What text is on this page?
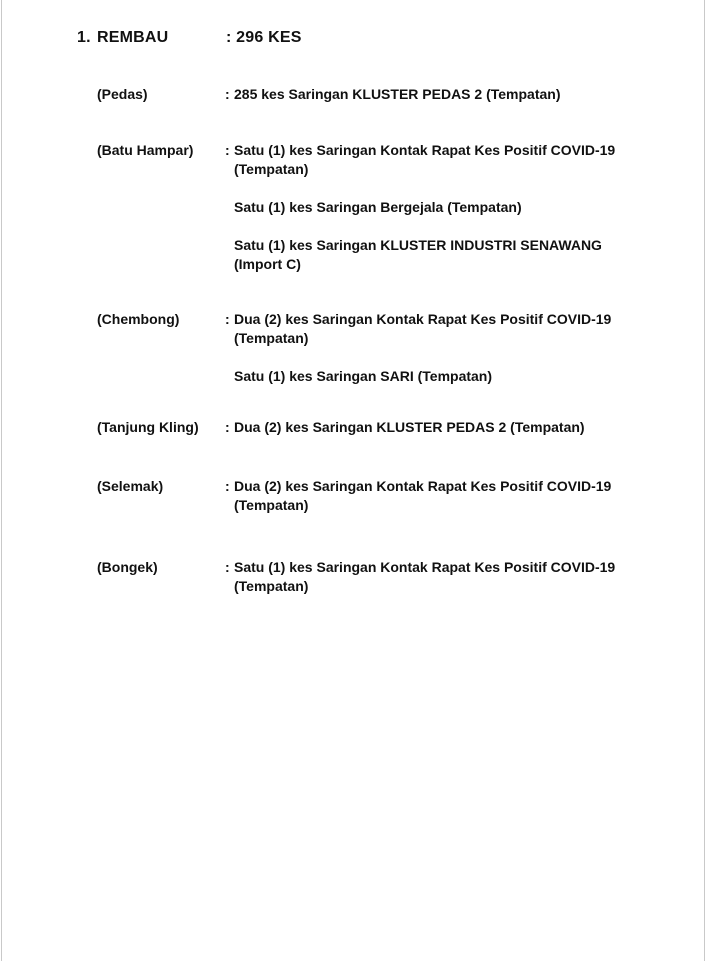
1. REMBAU	: 296 KES
(Pedas)	: 285 kes Saringan KLUSTER PEDAS 2 (Tempatan)
(Batu Hampar) : Satu (1) kes Saringan Kontak Rapat Kes Positif COVID-19 (Tempatan)
Satu (1) kes Saringan Bergejala (Tempatan)
Satu (1) kes Saringan KLUSTER INDUSTRI SENAWANG (Import C)
(Chembong)	: Dua (2) kes Saringan Kontak Rapat Kes Positif COVID-19 (Tempatan)
Satu (1) kes Saringan SARI (Tempatan)
(Tanjung Kling) : Dua (2) kes Saringan KLUSTER PEDAS 2 (Tempatan)
(Selemak)	: Dua (2) kes Saringan Kontak Rapat Kes Positif COVID-19 (Tempatan)
(Bongek)	: Satu (1) kes Saringan Kontak Rapat Kes Positif COVID-19 (Tempatan)
